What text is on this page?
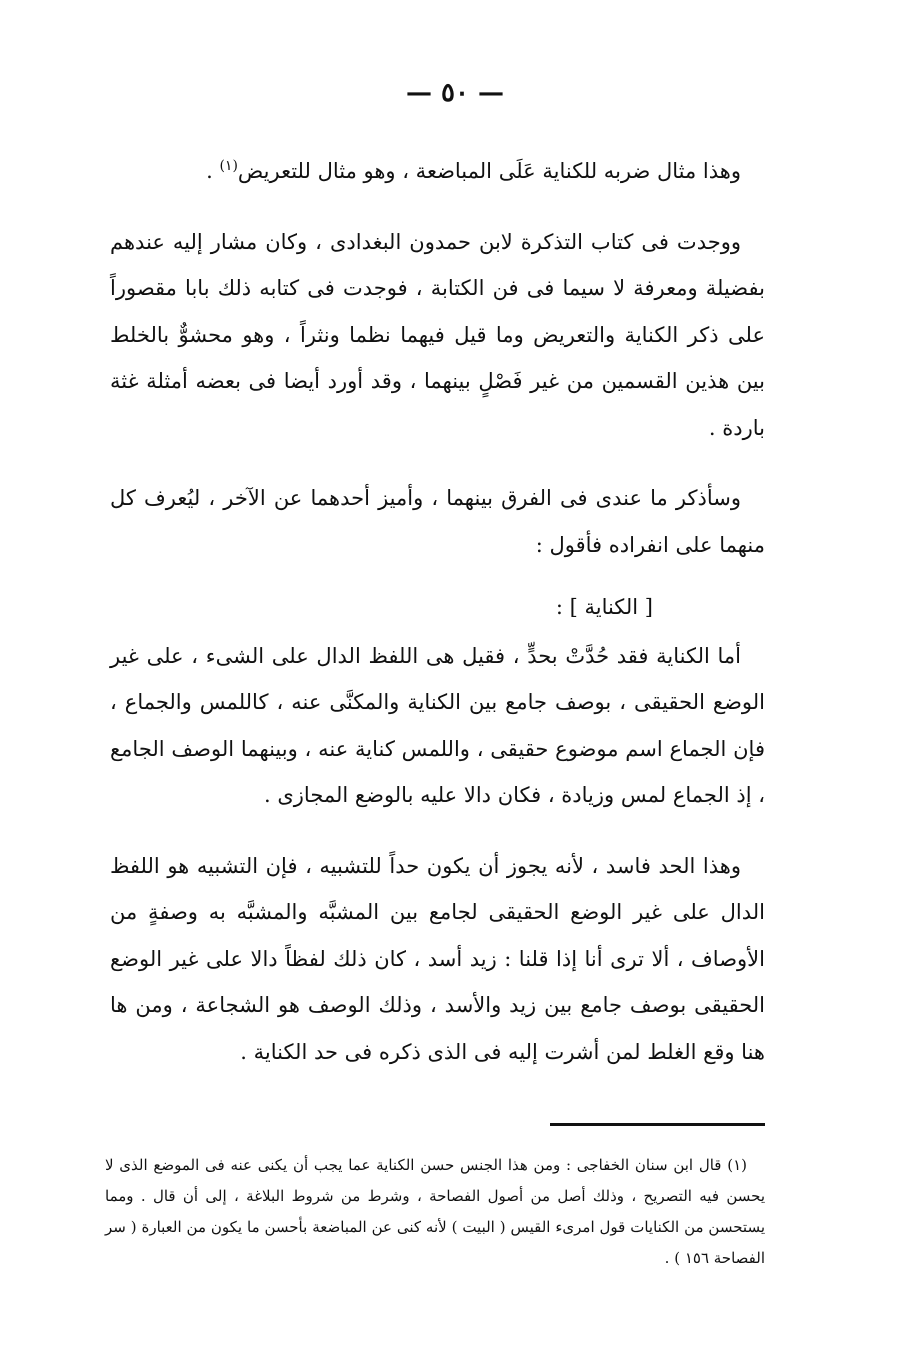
— ٥٠ —

وهذا مثال ضربه للكناية عَلَى المباضعة ، وهو مثال للتعريض$^{(١)}$ .

ووجدت فى كتاب التذكرة لابن حمدون البغدادى ، وكان مشار إليه عندهم بفضيلة ومعرفة لا سيما فى فن الكتابة ، فوجدت فى كتابه ذلك بابا مقصوراً على ذكر الكناية والتعريض وما قيل فيهما نظما ونثراً ، وهو محشوٌّ بالخلط بين هذين القسمين من غير فَصْلٍ بينهما ، وقد أورد أيضا فى بعضه أمثلة غثة باردة .

وسأذكر ما عندى فى الفرق بينهما ، وأميز أحدهما عن الآخر ، ليُعرف كل منهما على انفراده فأقول :

[ الكناية ] :

أما الكناية فقد حُدَّتْ بحدٍّ ، فقيل هى اللفظ الدال على الشىء ، على غير الوضع الحقيقى ، بوصف جامع بين الكناية والمكنَّى عنه ، كاللمس والجماع ، فإن الجماع اسم موضوع حقيقى ، واللمس كناية عنه ، وبينهما الوصف الجامع ، إذ الجماع لمس وزيادة ، فكان دالا عليه بالوضع المجازى .

وهذا الحد فاسد ، لأنه يجوز أن يكون حداً للتشبيه ، فإن التشبيه هو اللفظ الدال على غير الوضع الحقيقى لجامع بين المشبَّه والمشبَّه به وصفةٍ من الأوصاف ، ألا ترى أنا إذا قلنا : زيد أسد ، كان ذلك لفظاً دالا على غير الوضع الحقيقى بوصف جامع بين زيد والأسد ، وذلك الوصف هو الشجاعة ، ومن ها هنا وقع الغلط لمن أشرت إليه فى الذى ذكره فى حد الكناية .

(١) قال ابن سنان الخفاجى : ومن هذا الجنس حسن الكناية عما يجب أن يكنى عنه فى الموضع الذى لا يحسن فيه التصريح ، وذلك أصل من أصول الفصاحة ، وشرط من شروط البلاغة ، إلى أن قال . ومما يستحسن من الكنايات قول امرىء القيس ( البيت ) لأنه كنى عن المباضعة بأحسن ما يكون من العبارة ( سر الفصاحة ١٥٦ ) .
